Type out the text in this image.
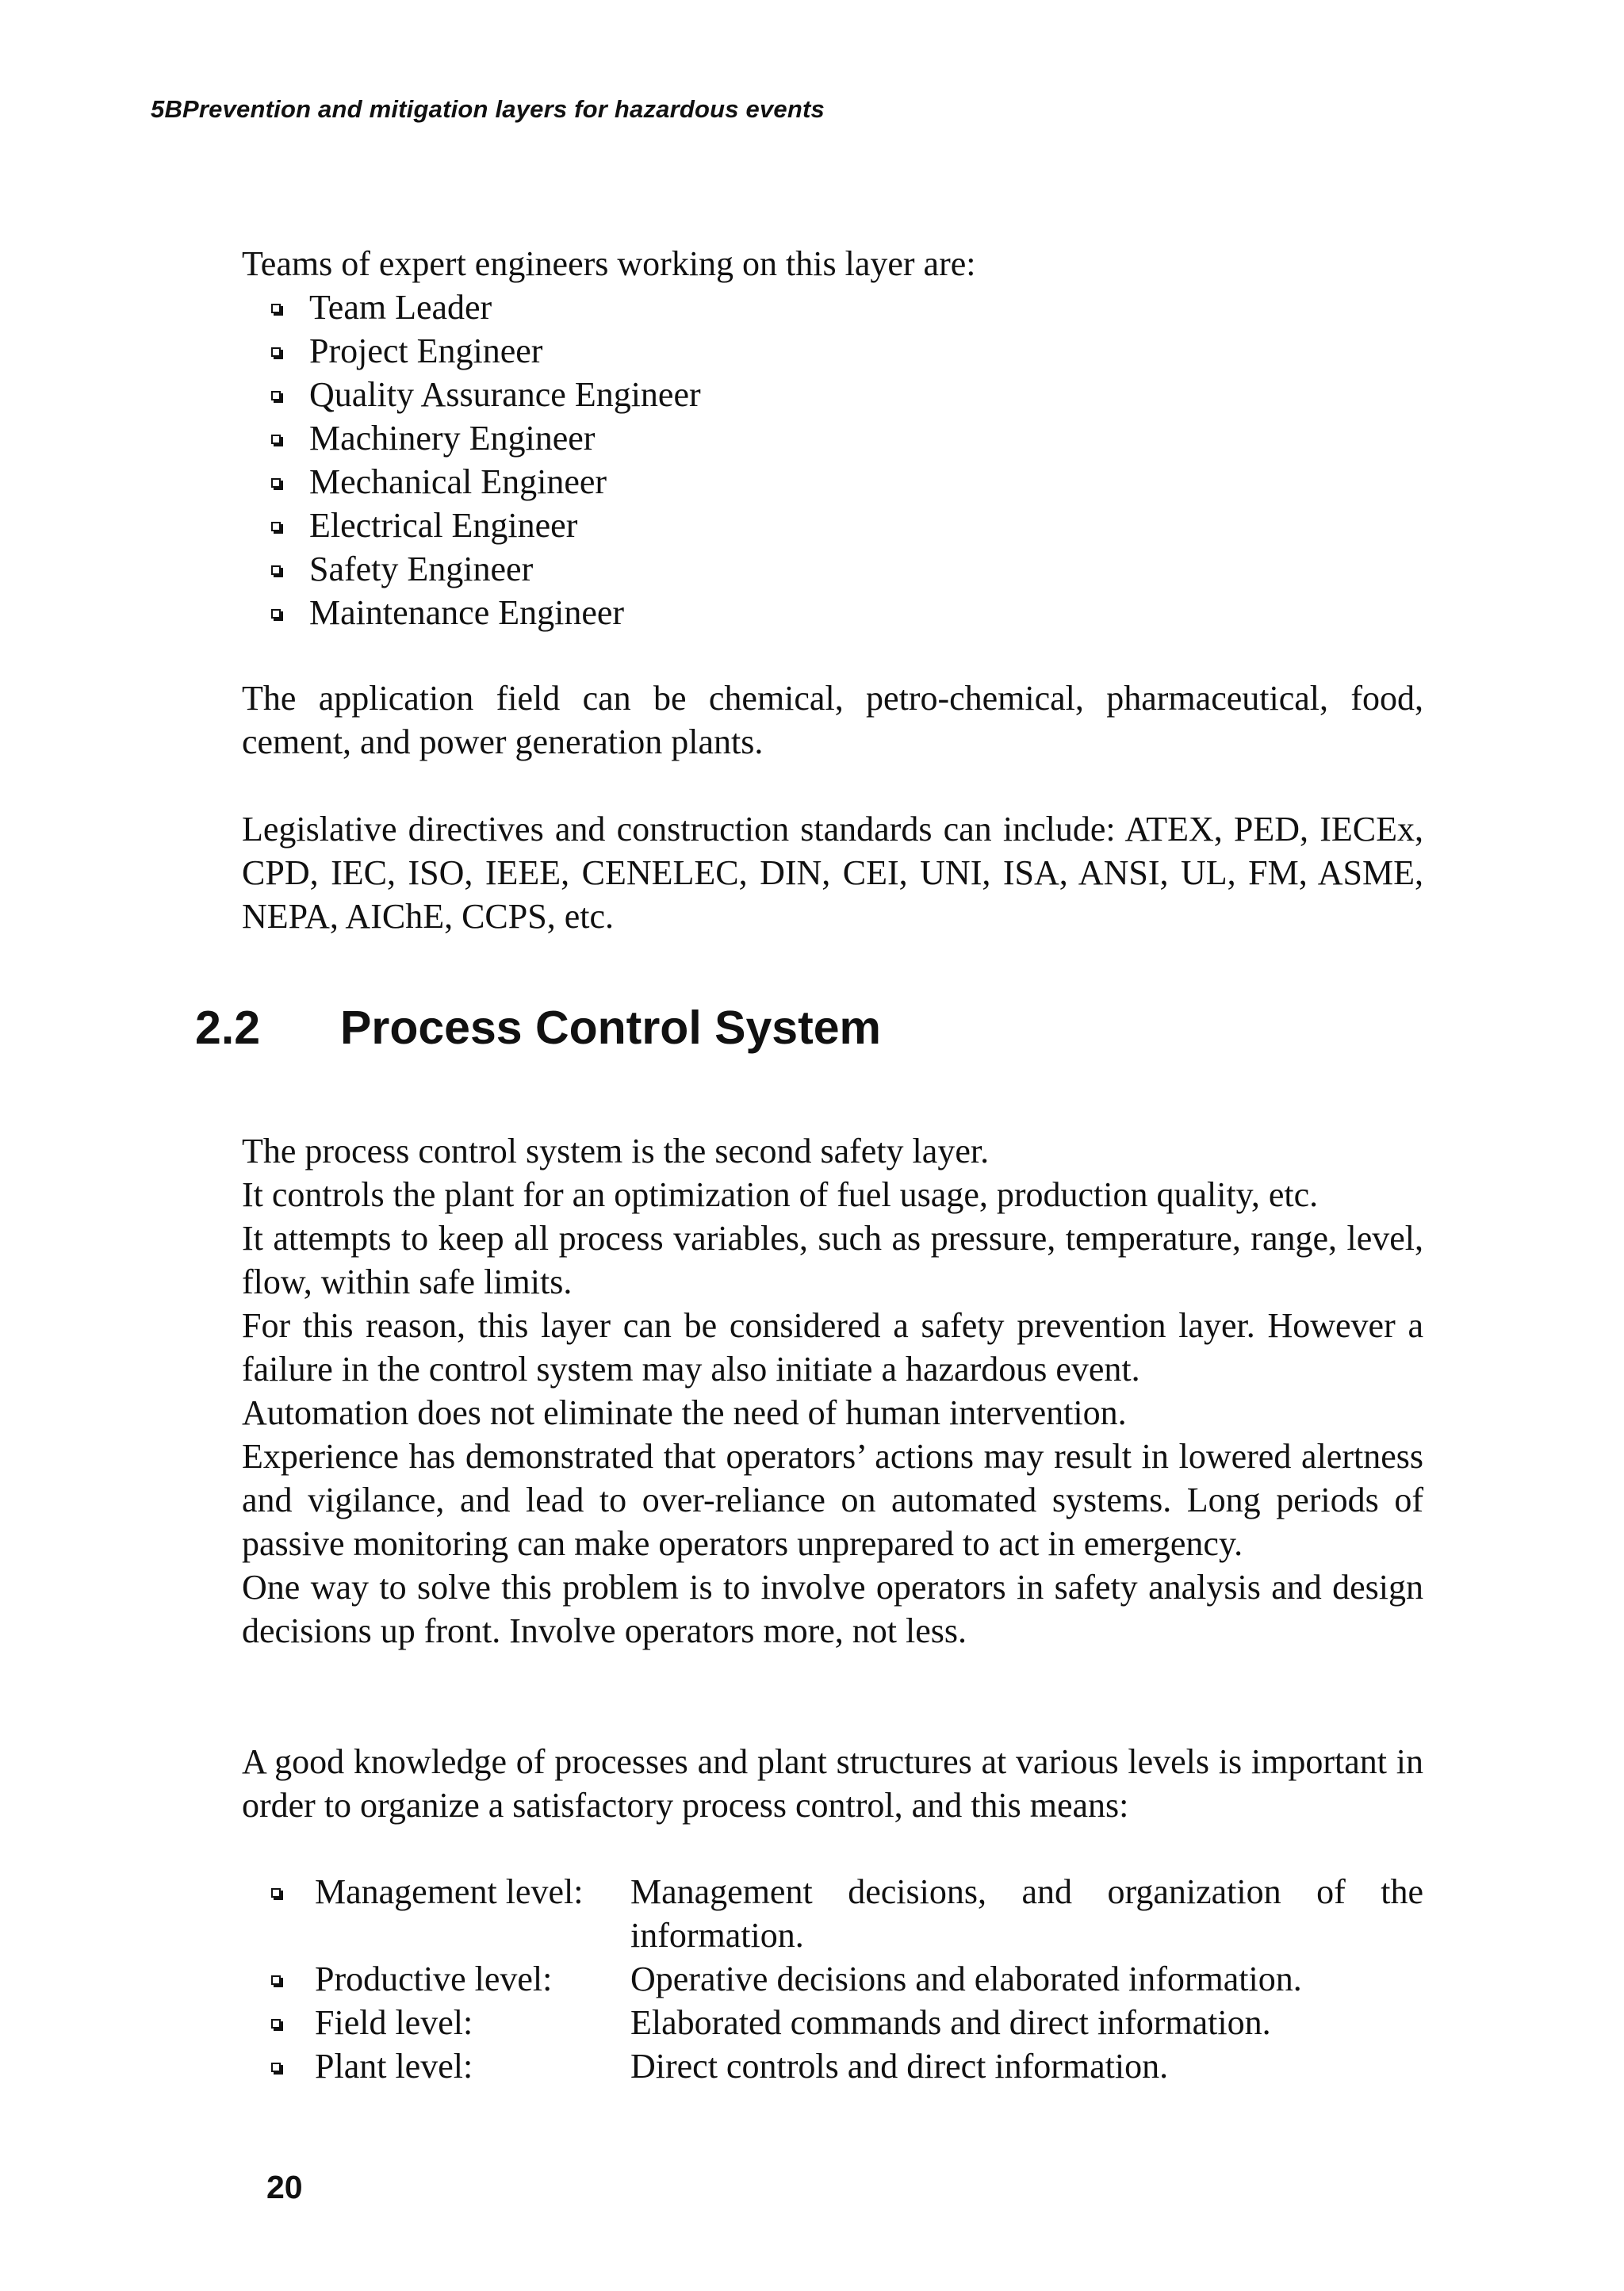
5BPrevention and mitigation layers for hazardous events
Teams of expert engineers working on this layer are:
Team Leader
Project Engineer
Quality Assurance Engineer
Machinery Engineer
Mechanical Engineer
Electrical Engineer
Safety Engineer
Maintenance Engineer
The application field can be chemical, petro-chemical, pharmaceutical, food, cement, and power generation plants.
Legislative directives and construction standards can include: ATEX, PED, IECEx, CPD, IEC, ISO, IEEE, CENELEC, DIN, CEI, UNI, ISA, ANSI, UL, FM, ASME, NEPA, AIChE, CCPS, etc.
2.2 Process Control System
The process control system is the second safety layer.
It controls the plant for an optimization of fuel usage, production quality, etc.
It attempts to keep all process variables, such as pressure, temperature, range, level, flow, within safe limits.
For this reason, this layer can be considered a safety prevention layer. However a failure in the control system may also initiate a hazardous event.
Automation does not eliminate the need of human intervention.
Experience has demonstrated that operators’ actions may result in lowered alertness and vigilance, and lead to over-reliance on automated systems. Long periods of passive monitoring can make operators unprepared to act in emergency.
One way to solve this problem is to involve operators in safety analysis and design decisions up front. Involve operators more, not less.
A good knowledge of processes and plant structures at various levels is important in order to organize a satisfactory process control, and this means:
Management level:	Management decisions, and organization of the information.
Productive level:	Operative decisions and elaborated information.
Field level:	Elaborated commands and direct information.
Plant level:	Direct controls and direct information.
20
